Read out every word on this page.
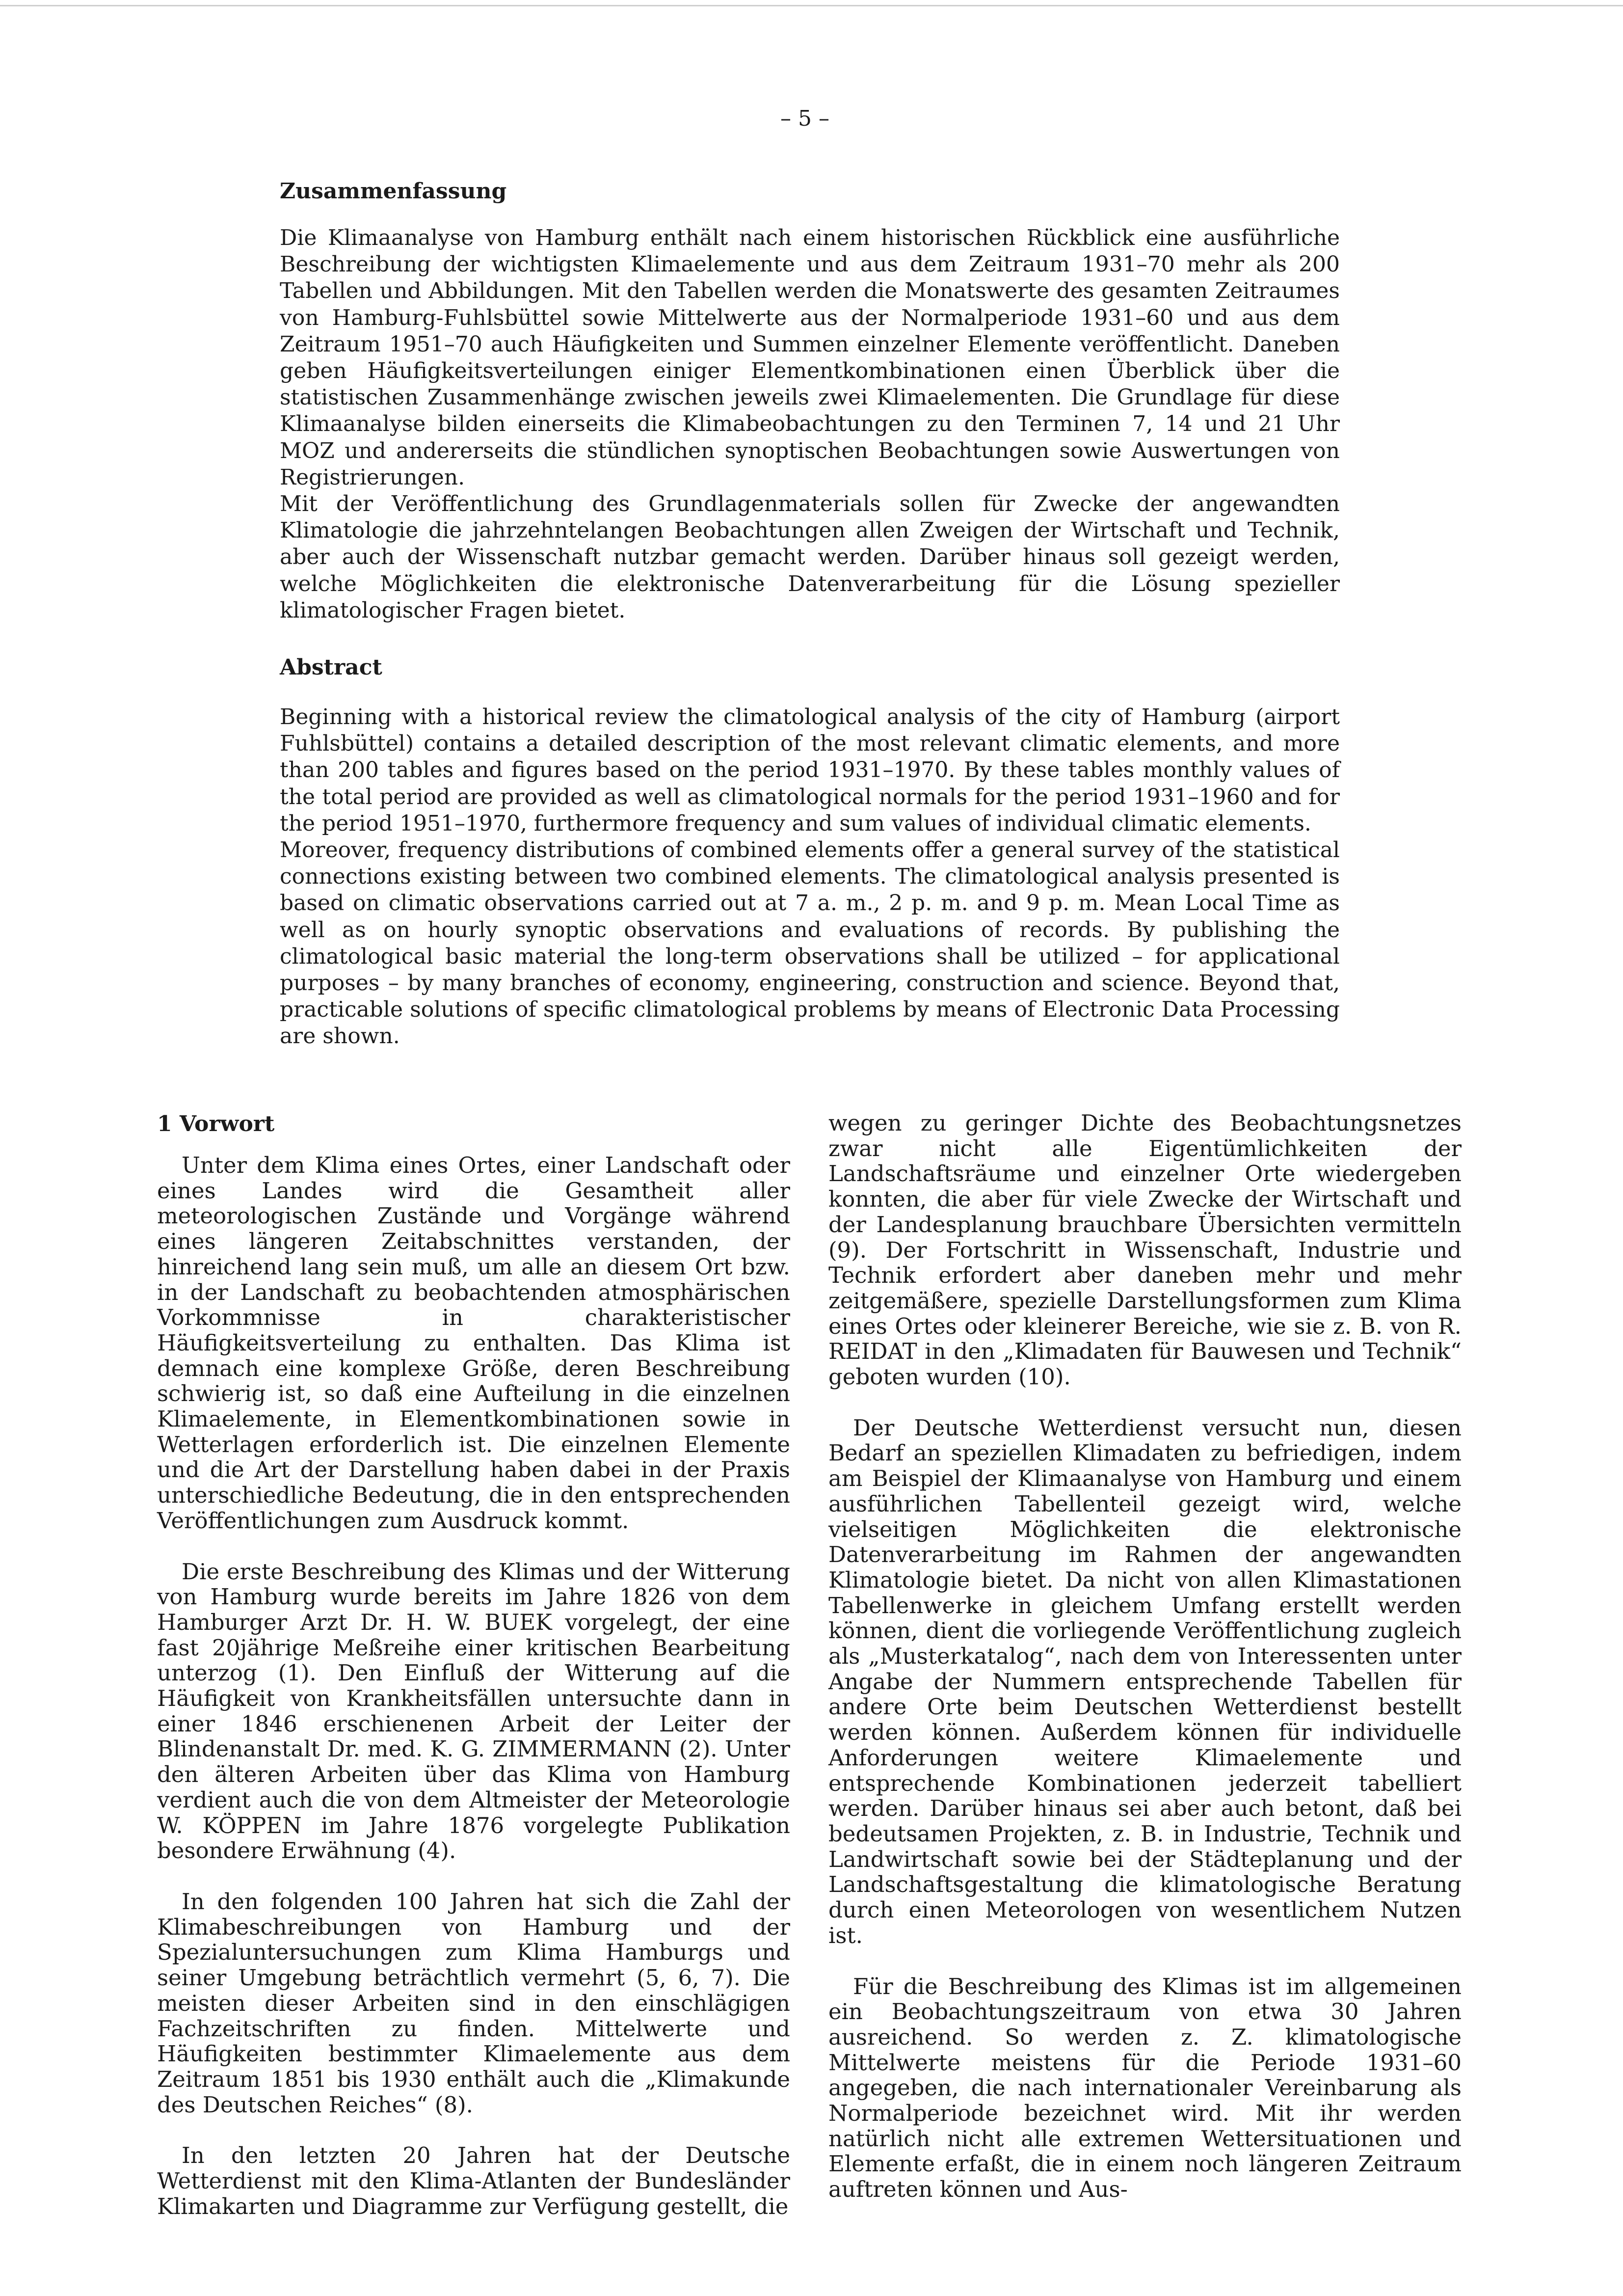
– 5 –
Zusammenfassung

Die Klimaanalyse von Hamburg enthält nach einem historischen Rückblick eine ausführliche Beschreibung der wichtigsten Klimaelemente und aus dem Zeitraum 1931–70 mehr als 200 Tabellen und Abbildungen. Mit den Tabellen werden die Monatswerte des gesamten Zeitraumes von Hamburg-Fuhlsbüttel sowie Mittelwerte aus der Normalperiode 1931–60 und aus dem Zeitraum 1951–70 auch Häufigkeiten und Summen einzelner Elemente veröffentlicht. Daneben geben Häufigkeitsverteilungen einiger Elementkombinationen einen Überblick über die statistischen Zusammenhänge zwischen jeweils zwei Klimaelementen. Die Grundlage für diese Klimaanalyse bilden einerseits die Klimabeobachtungen zu den Terminen 7, 14 und 21 Uhr MOZ und andererseits die stündlichen synoptischen Beobachtungen sowie Auswertungen von Registrierungen.

Mit der Veröffentlichung des Grundlagenmaterials sollen für Zwecke der angewandten Klimatologie die jahrzehntelangen Beobachtungen allen Zweigen der Wirtschaft und Technik, aber auch der Wissenschaft nutzbar gemacht werden. Darüber hinaus soll gezeigt werden, welche Möglichkeiten die elektronische Datenverarbeitung für die Lösung spezieller klimatologischer Fragen bietet.

Abstract

Beginning with a historical review the climatological analysis of the city of Hamburg (airport Fuhlsbüttel) contains a detailed description of the most relevant climatic elements, and more than 200 tables and figures based on the period 1931–1970. By these tables monthly values of the total period are provided as well as climatological normals for the period 1931–1960 and for the period 1951–1970, furthermore frequency and sum values of individual climatic elements.

Moreover, frequency distributions of combined elements offer a general survey of the statistical connections existing between two combined elements. The climatological analysis presented is based on climatic observations carried out at 7 a. m., 2 p. m. and 9 p. m. Mean Local Time as well as on hourly synoptic observations and evaluations of records. By publishing the climatological basic material the long-term observations shall be utilized – for applicational purposes – by many branches of economy, engineering, construction and science. Beyond that, practicable solutions of specific climatological problems by means of Electronic Data Processing are shown.

1 Vorwort

Unter dem Klima eines Ortes, einer Landschaft oder eines Landes wird die Gesamtheit aller meteorologischen Zustände und Vorgänge während eines längeren Zeitabschnittes verstanden, der hinreichend lang sein muß, um alle an diesem Ort bzw. in der Landschaft zu beobachtenden atmosphärischen Vorkommnisse in charakteristischer Häufigkeitsverteilung zu enthalten. Das Klima ist demnach eine komplexe Größe, deren Beschreibung schwierig ist, so daß eine Aufteilung in die einzelnen Klimaelemente, in Elementkombinationen sowie in Wetterlagen erforderlich ist. Die einzelnen Elemente und die Art der Darstellung haben dabei in der Praxis unterschiedliche Bedeutung, die in den entsprechenden Veröffentlichungen zum Ausdruck kommt.

Die erste Beschreibung des Klimas und der Witterung von Hamburg wurde bereits im Jahre 1826 von dem Hamburger Arzt Dr. H. W. BUEK vorgelegt, der eine fast 20jährige Meßreihe einer kritischen Bearbeitung unterzog (1). Den Einfluß der Witterung auf die Häufigkeit von Krankheitsfällen untersuchte dann in einer 1846 erschienenen Arbeit der Leiter der Blindenanstalt Dr. med. K. G. ZIMMERMANN (2). Unter den älteren Arbeiten über das Klima von Hamburg verdient auch die von dem Altmeister der Meteorologie W. KÖPPEN im Jahre 1876 vorgelegte Publikation besondere Erwähnung (4).

In den folgenden 100 Jahren hat sich die Zahl der Klimabeschreibungen von Hamburg und der Spezialuntersuchungen zum Klima Hamburgs und seiner Umgebung beträchtlich vermehrt (5, 6, 7). Die meisten dieser Arbeiten sind in den einschlägigen Fachzeitschriften zu finden. Mittelwerte und Häufigkeiten bestimmter Klimaelemente aus dem Zeitraum 1851 bis 1930 enthält auch die „Klimakunde des Deutschen Reiches“ (8).

In den letzten 20 Jahren hat der Deutsche Wetterdienst mit den Klima-Atlanten der Bundesländer Klimakarten und Diagramme zur Verfügung gestellt, die

wegen zu geringer Dichte des Beobachtungsnetzes zwar nicht alle Eigentümlichkeiten der Landschaftsräume und einzelner Orte wiedergeben konnten, die aber für viele Zwecke der Wirtschaft und der Landesplanung brauchbare Übersichten vermitteln (9). Der Fortschritt in Wissenschaft, Industrie und Technik erfordert aber daneben mehr und mehr zeitgemäßere, spezielle Darstellungsformen zum Klima eines Ortes oder kleinerer Bereiche, wie sie z. B. von R. REIDAT in den „Klimadaten für Bauwesen und Technik“ geboten wurden (10).

Der Deutsche Wetterdienst versucht nun, diesen Bedarf an speziellen Klimadaten zu befriedigen, indem am Beispiel der Klimaanalyse von Hamburg und einem ausführlichen Tabellenteil gezeigt wird, welche vielseitigen Möglichkeiten die elektronische Datenverarbeitung im Rahmen der angewandten Klimatologie bietet. Da nicht von allen Klimastationen Tabellenwerke in gleichem Umfang erstellt werden können, dient die vorliegende Veröffentlichung zugleich als „Musterkatalog“, nach dem von Interessenten unter Angabe der Nummern entsprechende Tabellen für andere Orte beim Deutschen Wetterdienst bestellt werden können. Außerdem können für individuelle Anforderungen weitere Klimaelemente und entsprechende Kombinationen jederzeit tabelliert werden. Darüber hinaus sei aber auch betont, daß bei bedeutsamen Projekten, z. B. in Industrie, Technik und Landwirtschaft sowie bei der Städteplanung und der Landschaftsgestaltung die klimatologische Beratung durch einen Meteorologen von wesentlichem Nutzen ist.

Für die Beschreibung des Klimas ist im allgemeinen ein Beobachtungszeitraum von etwa 30 Jahren ausreichend. So werden z. Z. klimatologische Mittelwerte meistens für die Periode 1931–60 angegeben, die nach internationaler Vereinbarung als Normalperiode bezeichnet wird. Mit ihr werden natürlich nicht alle extremen Wettersituationen und Elemente erfaßt, die in einem noch längeren Zeitraum auftreten können und Aus-
